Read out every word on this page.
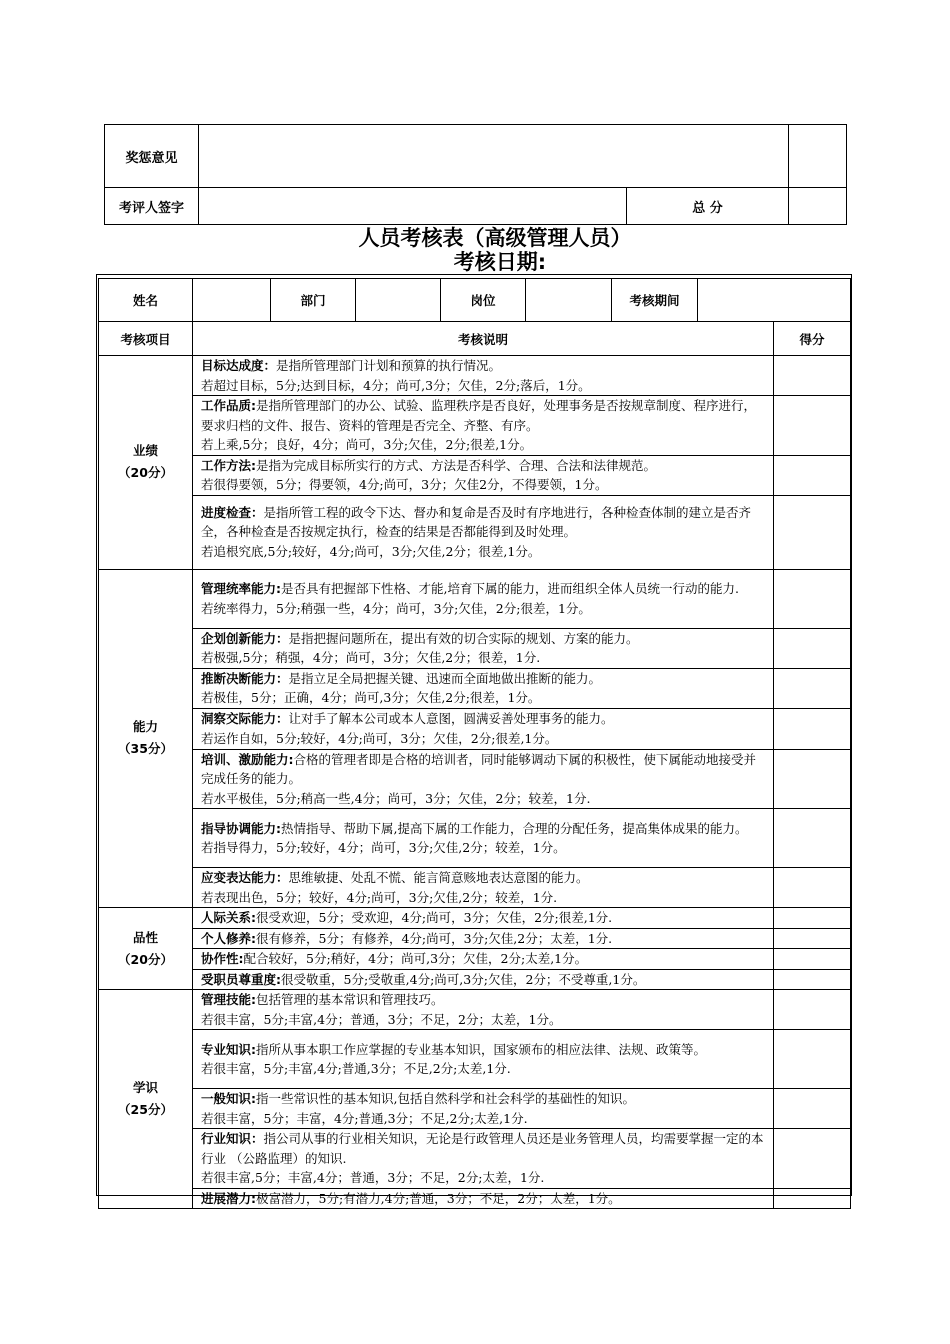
奖惩意见			
考评人签字		总 分	
人员考核表（高级管理人员）
考核日期:
姓名		部门		岗位		考核期间		
考核项目	考核说明							得分

业绩
（20分）	目标达成度：是指所管理部门计划和预算的执行情况。
若超过目标，5分;达到目标，4分；尚可,3分；欠佳，2分;落后，1分。							

	工作品质:是指所管理部门的办公、试验、监理秩序是否良好，处理事务是否按规章制度、程序进行，要求归档的文件、报告、资料的管理是否完全、齐整、有序。
若上乘,5分；良好，4分；尚可，3分;欠佳，2分;很差,1分。							

	工作方法:是指为完成目标所实行的方式、方法是否科学、合理、合法和法律规范。
若很得要领，5分；得要领，4分;尚可，3分；欠佳2分，不得要领，1分。							

	进度检查：是指所管工程的政令下达、督办和复命是否及时有序地进行，各种检查体制的建立是否齐全，各种检查是否按规定执行，检查的结果是否都能得到及时处理。
若追根究底,5分;较好，4分;尚可，3分;欠佳,2分；很差,1分。							

能力
（35分）	管理统率能力:是否具有把握部下性格、才能,培育下属的能力，进而组织全体人员统一行动的能力.
若统率得力，5分;稍强一些，4分；尚可，3分;欠佳，2分;很差，1分。							

	企划创新能力：是指把握问题所在，提出有效的切合实际的规划、方案的能力。
若极强,5分；稍强，4分；尚可，3分；欠佳,2分；很差，1分.							

	推断决断能力：是指立足全局把握关键、迅速而全面地做出推断的能力。
若极佳，5分；正确，4分；尚可,3分；欠佳,2分;很差，1分。							

	洞察交际能力：让对手了解本公司或本人意图，圆满妥善处理事务的能力。
若运作自如，5分;较好，4分;尚可，3分；欠佳，2分;很差,1分。							

	培训、激励能力:合格的管理者即是合格的培训者，同时能够调动下属的积极性，使下属能动地接受并完成任务的能力。
若水平极佳，5分;稍高一些,4分；尚可，3分；欠佳，2分；较差，1分.							

	指导协调能力:热情指导、帮助下属,提高下属的工作能力，合理的分配任务，提高集体成果的能力。
若指导得力，5分;较好，4分；尚可，3分;欠佳,2分；较差，1分。							

	应变表达能力：思维敏捷、处乱不慌、能言简意赅地表达意图的能力。
若表现出色，5分；较好，4分;尚可，3分;欠佳,2分；较差，1分.							

品性
（20分）	人际关系:很受欢迎，5分；受欢迎，4分;尚可，3分；欠佳，2分;很差,1分.							
	个人修养:很有修养，5分；有修养，4分;尚可，3分;欠佳,2分；太差，1分.							
	协作性:配合较好，5分;稍好，4分；尚可,3分；欠佳，2分;太差,1分。							
	受职员尊重度:很受敬重，5分;受敬重,4分;尚可,3分;欠佳，2分；不受尊重,1分。							

学识
（25分）	管理技能:包括管理的基本常识和管理技巧。
若很丰富，5分;丰富,4分；普通，3分；不足，2分；太差，1分。							

	专业知识:指所从事本职工作应掌握的专业基本知识，国家颁布的相应法律、法规、政策等。
若很丰富，5分;丰富,4分;普通,3分；不足,2分;太差,1分.							

	一般知识:指一些常识性的基本知识,包括自然科学和社会科学的基础性的知识。
若很丰富，5分；丰富，4分;普通,3分；不足,2分;太差,1分.							

	行业知识：指公司从事的行业相关知识，无论是行政管理人员还是业务管理人员，均需要掌握一定的本行业 （公路监理）的知识.
若很丰富,5分；丰富,4分；普通，3分；不足，2分;太差，1分.							

	进展潜力:极富潜力，5分;有潜力,4分;普通，3分；不足，2分；太差，1分。							
